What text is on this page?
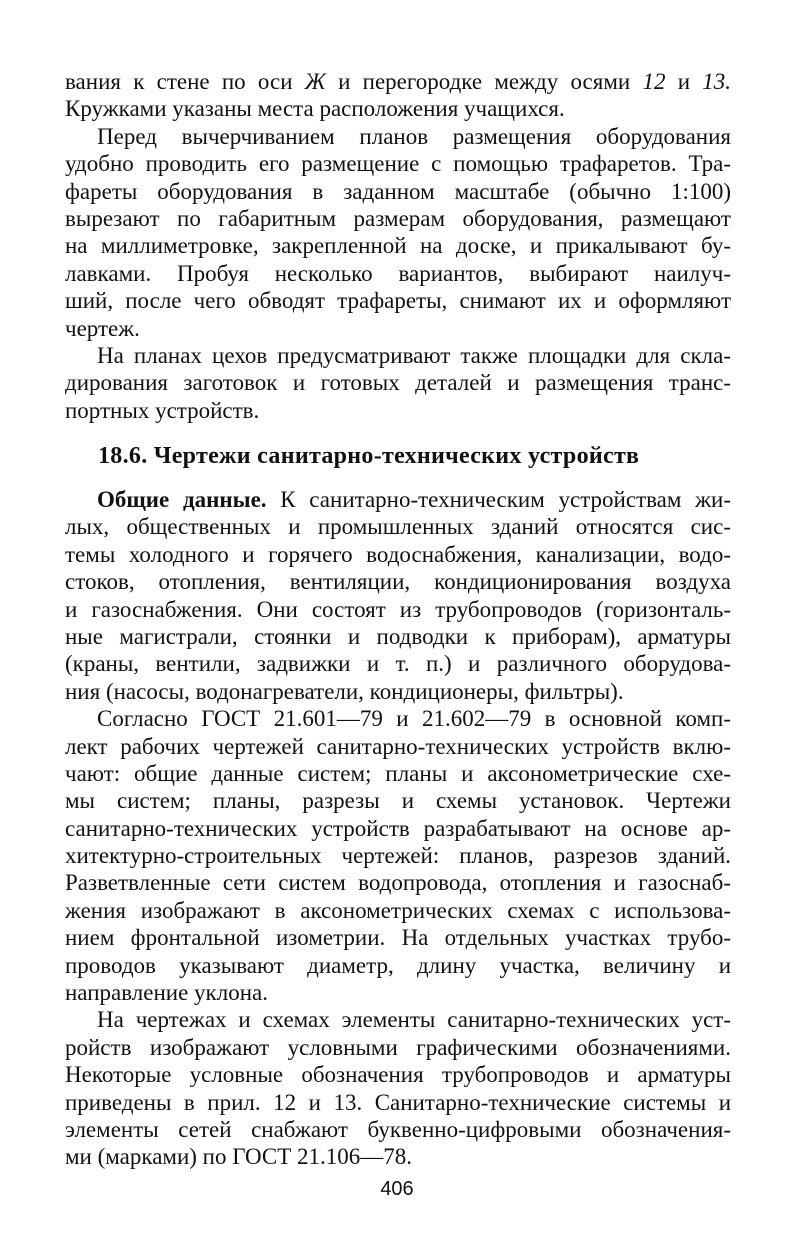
вания к стене по оси Ж и перегородке между осями 12 и 13.
Кружками указаны места расположения учащихся.
Перед вычерчиванием планов размещения оборудования
удобно проводить его размещение с помощью трафаретов. Тра-
фареты оборудования в заданном масштабе (обычно 1:100)
вырезают по габаритным размерам оборудования, размещают
на миллиметровке, закрепленной на доске, и прикалывают бу-
лавками. Пробуя несколько вариантов, выбирают наилуч-
ший, после чего обводят трафареты, снимают их и оформляют
чертеж.
На планах цехов предусматривают также площадки для скла-
дирования заготовок и готовых деталей и размещения транс-
портных устройств.
18.6. Чертежи санитарно-технических устройств
Общие данные. К санитарно-техническим устройствам жи-
лых, общественных и промышленных зданий относятся сис-
темы холодного и горячего водоснабжения, канализации, водо-
стоков, отопления, вентиляции, кондиционирования воздуха
и газоснабжения. Они состоят из трубопроводов (горизонталь-
ные магистрали, стоянки и подводки к приборам), арматуры
(краны, вентили, задвижки и т. п.) и различного оборудова-
ния (насосы, водонагреватели, кондиционеры, фильтры).
Согласно ГОСТ 21.601—79 и 21.602—79 в основной комп-
лект рабочих чертежей санитарно-технических устройств вклю-
чают: общие данные систем; планы и аксонометрические схе-
мы систем; планы, разрезы и схемы установок. Чертежи
санитарно-технических устройств разрабатывают на основе ар-
хитектурно-строительных чертежей: планов, разрезов зданий.
Разветвленные сети систем водопровода, отопления и газоснаб-
жения изображают в аксонометрических схемах с использова-
нием фронтальной изометрии. На отдельных участках трубо-
проводов указывают диаметр, длину участка, величину и
направление уклона.
На чертежах и схемах элементы санитарно-технических уст-
ройств изображают условными графическими обозначениями.
Некоторые условные обозначения трубопроводов и арматуры
приведены в прил. 12 и 13. Санитарно-технические системы и
элементы сетей снабжают буквенно-цифровыми обозначения-
ми (марками) по ГОСТ 21.106—78.
406
